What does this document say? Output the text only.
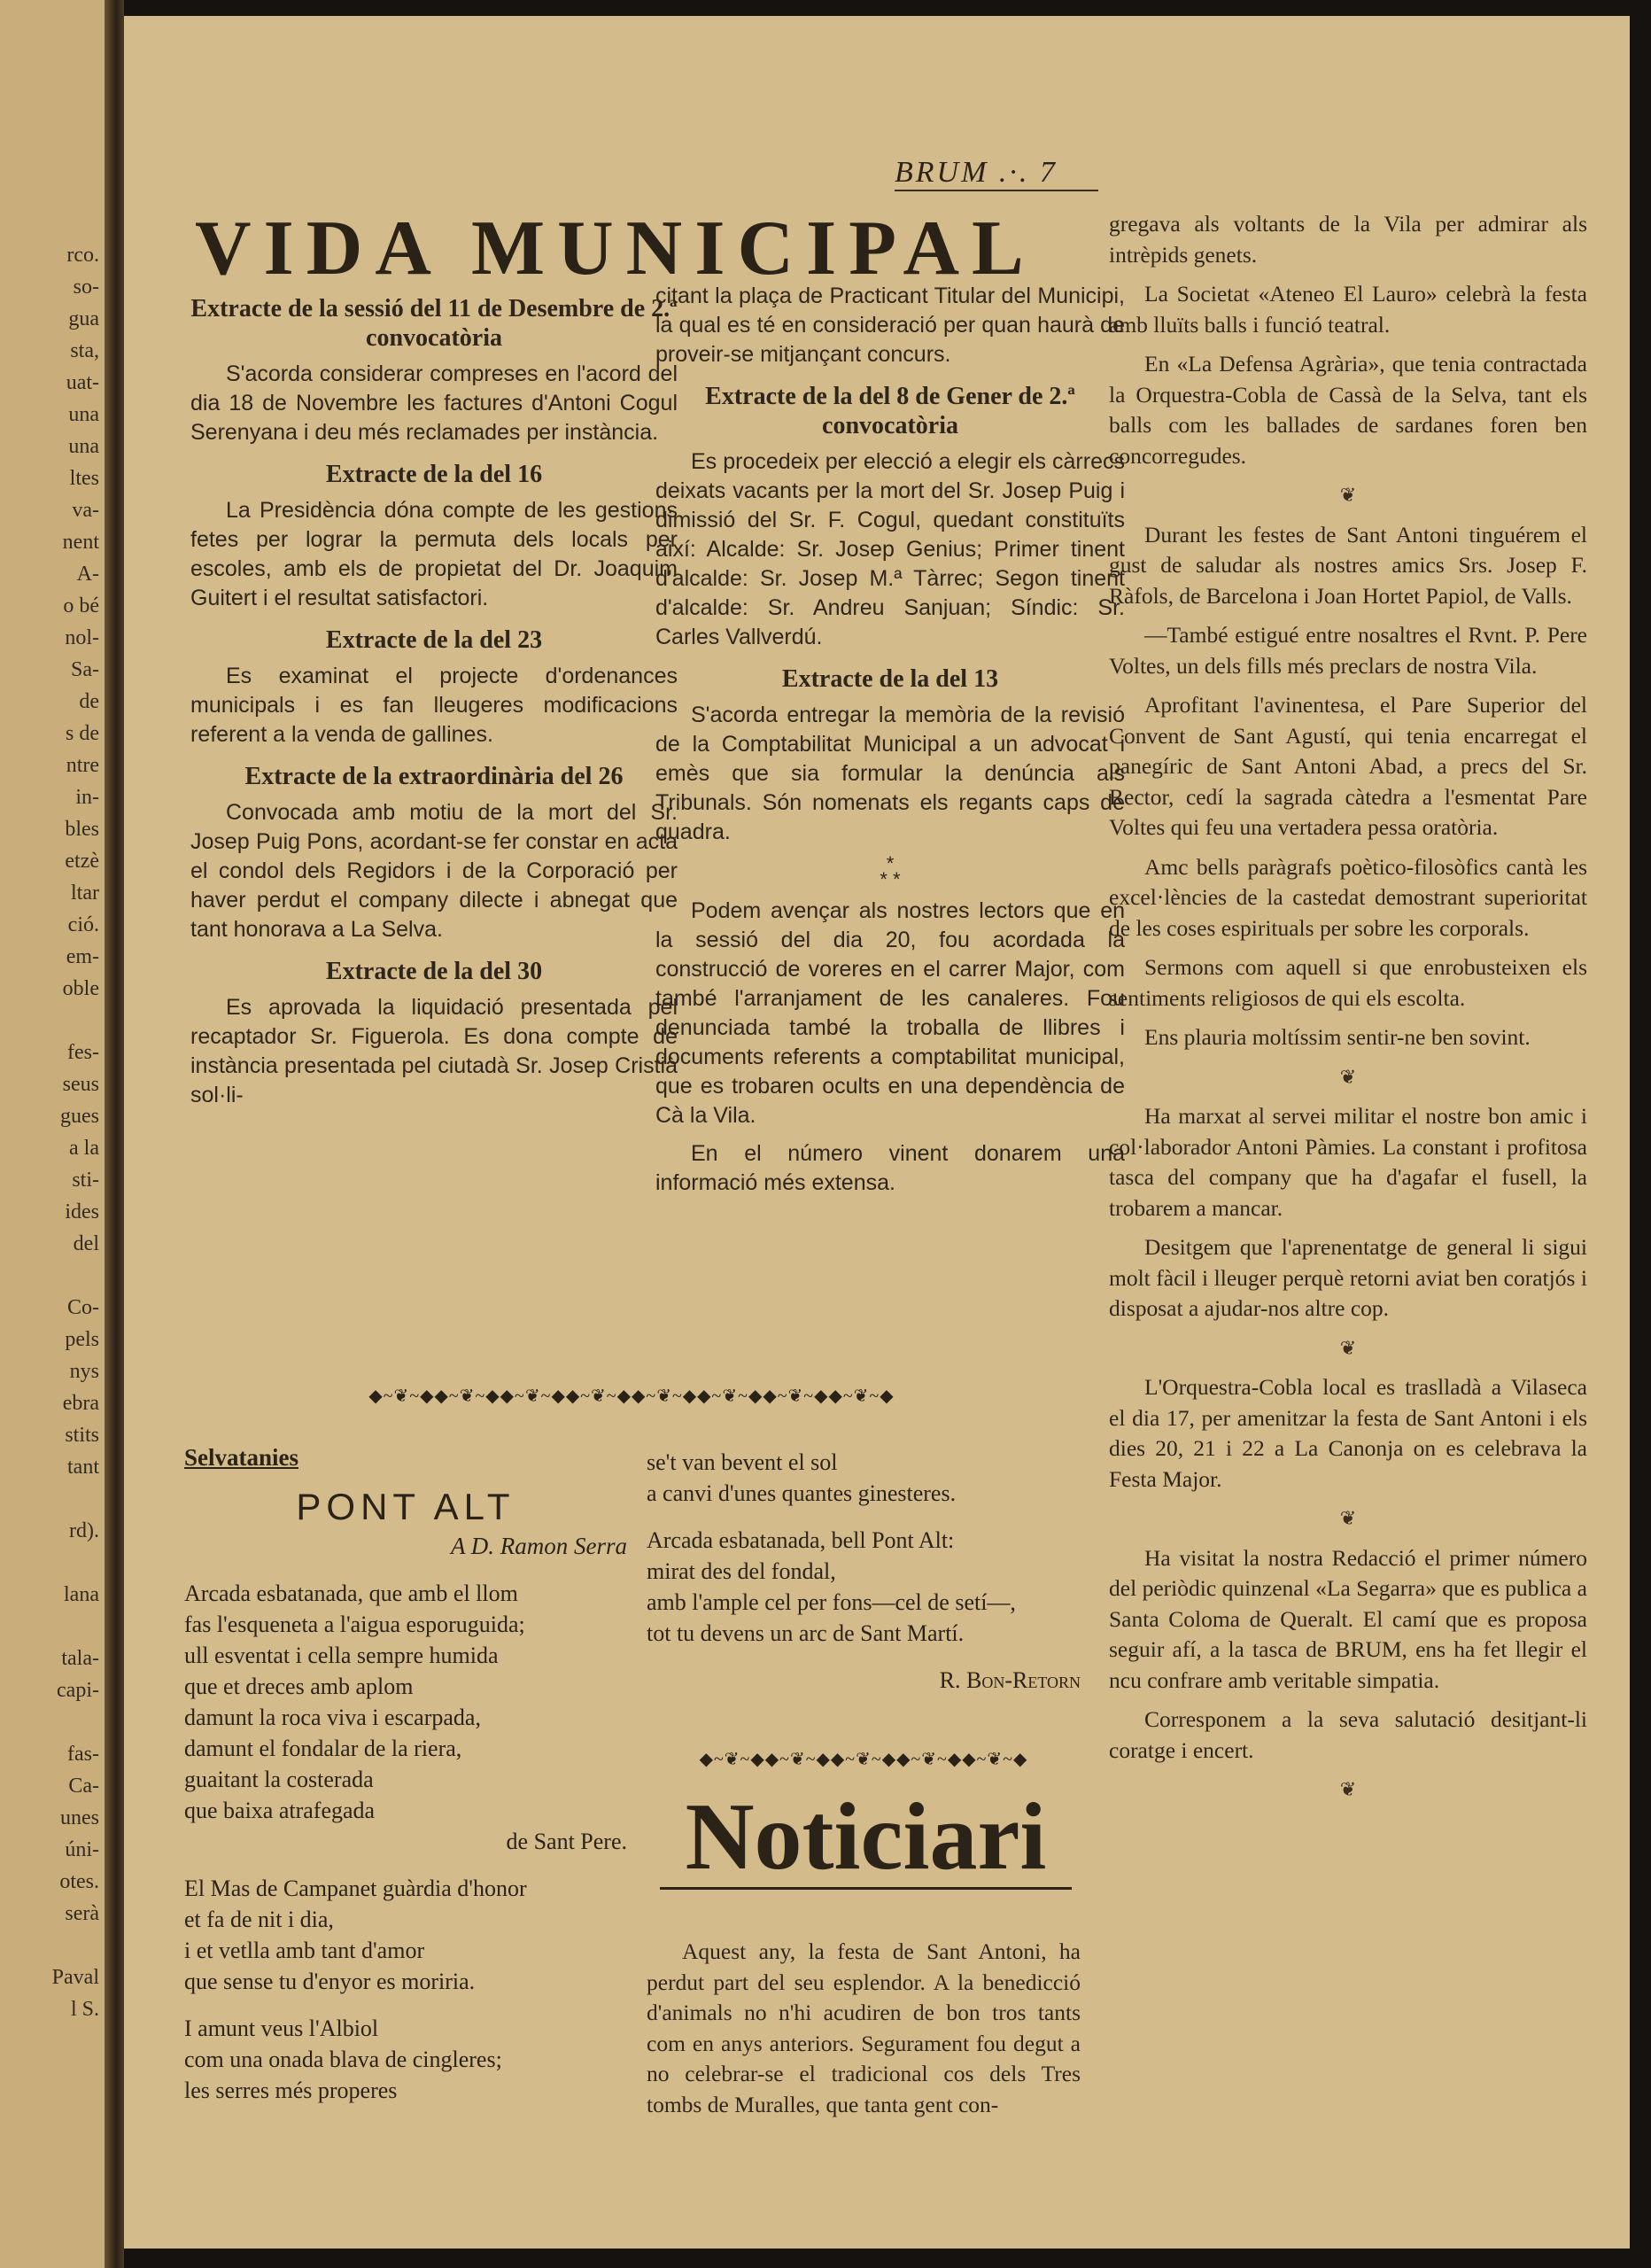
rco.
so-
gua
sta,
uat-
una
una
ltes
va-
nent
A-
o bé
nol-
Sa-
de
s de
ntre
in-
bles
etzè
ltar
ció.
em-
oble
fes-
seus
gues
a la
sti-
ides
del
Co-
pels
nys
ebra
stits
tant
rd).
lana
tala-
capi-
fas-
Ca-
unes
úni-
otes.
serà
Paval
l S.
BRUM .·. 7
VIDA MUNICIPAL
Extracte de la sessió del 11 de Desembre de 2.ª convocatòria

S'acorda considerar compreses en l'acord del dia 18 de Novembre les factures d'Antoni Cogul Serenyana i deu més reclamades per instància.

Extracte de la del 16

La Presidència dóna compte de les gestions fetes per lograr la permuta dels locals per escoles, amb els de propietat del Dr. Joaquim Guitert i el resultat satisfactori.

Extracte de la del 23

Es examinat el projecte d'ordenances municipals i es fan lleugeres modificacions referent a la venda de gallines.

Extracte de la extraordinària del 26

Convocada amb motiu de la mort del Sr. Josep Puig Pons, acordant-se fer constar en acta el condol dels Regidors i de la Corporació per haver perdut el company dilecte i abnegat que tant honorava a La Selva.

Extracte de la del 30

Es aprovada la liquidació presentada pel recaptador Sr. Figuerola. Es dona compte de instància presentada pel ciutadà Sr. Josep Cristià sol·li-

citant la plaça de Practicant Titular del Municipi, la qual es té en consideració per quan haurà de proveir-se mitjançant concurs.

Extracte de la del 8 de Gener de 2.ª convocatòria

Es procedeix per elecció a elegir els càrrecs deixats vacants per la mort del Sr. Josep Puig i dimissió del Sr. F. Cogul, quedant constituïts així: Alcalde: Sr. Josep Genius; Primer tinent d'alcalde: Sr. Josep M.ª Tàrrec; Segon tinent d'alcalde: Sr. Andreu Sanjuan; Síndic: Sr. Carles Vallverdú.

Extracte de la del 13

S'acorda entregar la memòria de la revisió de la Comptabilitat Municipal a un advocat i emès que sia formular la denúncia als Tribunals. Són nomenats els regants caps de quadra.

*
* *

Podem avençar als nostres lectors que en la sessió del dia 20, fou acordada la construcció de voreres en el carrer Major, com també l'arranjament de les canaleres. Fou denunciada també la troballa de llibres i documents referents a comptabilitat municipal, que es trobaren ocults en una dependència de Cà la Vila.

En el número vinent donarem una informació més extensa.

gregava als voltants de la Vila per admirar als intrèpids genets.

La Societat «Ateneo El Lauro» celebrà la festa amb lluïts balls i funció teatral.

En «La Defensa Agrària», que tenia contractada la Orquestra-Cobla de Cassà de la Selva, tant els balls com les ballades de sardanes foren ben concorregudes.

❦

Durant les festes de Sant Antoni tinguérem el gust de saludar als nostres amics Srs. Josep F. Ràfols, de Barcelona i Joan Hortet Papiol, de Valls.

—També estigué entre nosaltres el Rvnt. P. Pere Voltes, un dels fills més preclars de nostra Vila.

Aprofitant l'avinentesa, el Pare Superior del Convent de Sant Agustí, qui tenia encarregat el panegíric de Sant Antoni Abad, a precs del Sr. Rector, cedí la sagrada càtedra a l'esmentat Pare Voltes qui feu una vertadera pessa oratòria.

Amc bells paràgrafs poètico-filosòfics cantà les excel·lències de la castedat demostrant superioritat de les coses espirituals per sobre les corporals.

Sermons com aquell si que enrobusteixen els sentiments religiosos de qui els escolta.

Ens plauria moltíssim sentir-ne ben sovint.

❦

Ha marxat al servei militar el nostre bon amic i col·laborador Antoni Pàmies. La constant i profitosa tasca del company que ha d'agafar el fusell, la trobarem a mancar.

Desitgem que l'aprenentatge de general li sigui molt fàcil i lleuger perquè retorni aviat ben coratjós i disposat a ajudar-nos altre cop.

❦

L'Orquestra-Cobla local es traslladà a Vilaseca el dia 17, per amenitzar la festa de Sant Antoni i els dies 20, 21 i 22 a La Canonja on es celebrava la Festa Major.

❦

Ha visitat la nostra Redacció el primer número del periòdic quinzenal «La Segarra» que es publica a Santa Coloma de Queralt. El camí que es proposa seguir afí, a la tasca de BRUM, ens ha fet llegir el ncu confrare amb veritable simpatia.

Corresponem a la seva salutació desitjant-li coratge i encert.

❦

◆~❦~◆◆~❦~◆◆~❦~◆◆~❦~◆◆~❦~◆◆~❦~◆◆~❦~◆◆~❦~◆
Selvatanies
PONT ALT
A D. Ramon Serra
Arcada esbatanada, que amb el llom
fas l'esqueneta a l'aigua esporuguida;
ull esventat i cella sempre humida
que et dreces amb aplom
damunt la roca viva i escarpada,
damunt el fondalar de la riera,
guaitant la costerada
que baixa atrafegada
de Sant Pere.
El Mas de Campanet guàrdia d'honor
et fa de nit i dia,
i et vetlla amb tant d'amor
que sense tu d'enyor es moriria.
I amunt veus l'Albiol
com una onada blava de cingleres;
les serres més properes
se't van bevent el sol
a canvi d'unes quantes ginesteres.
Arcada esbatanada, bell Pont Alt:
mirat des del fondal,
amb l'ample cel per fons—cel de setí—,
tot tu devens un arc de Sant Martí.
R. Bon-Retorn
◆~❦~◆◆~❦~◆◆~❦~◆◆~❦~◆◆~❦~◆
Noticiari

Aquest any, la festa de Sant Antoni, ha perdut part del seu esplendor. A la benedicció d'animals no n'hi acudiren de bon tros tants com en anys anteriors. Segurament fou degut a no celebrar-se el tradicional cos dels Tres tombs de Muralles, que tanta gent con-
